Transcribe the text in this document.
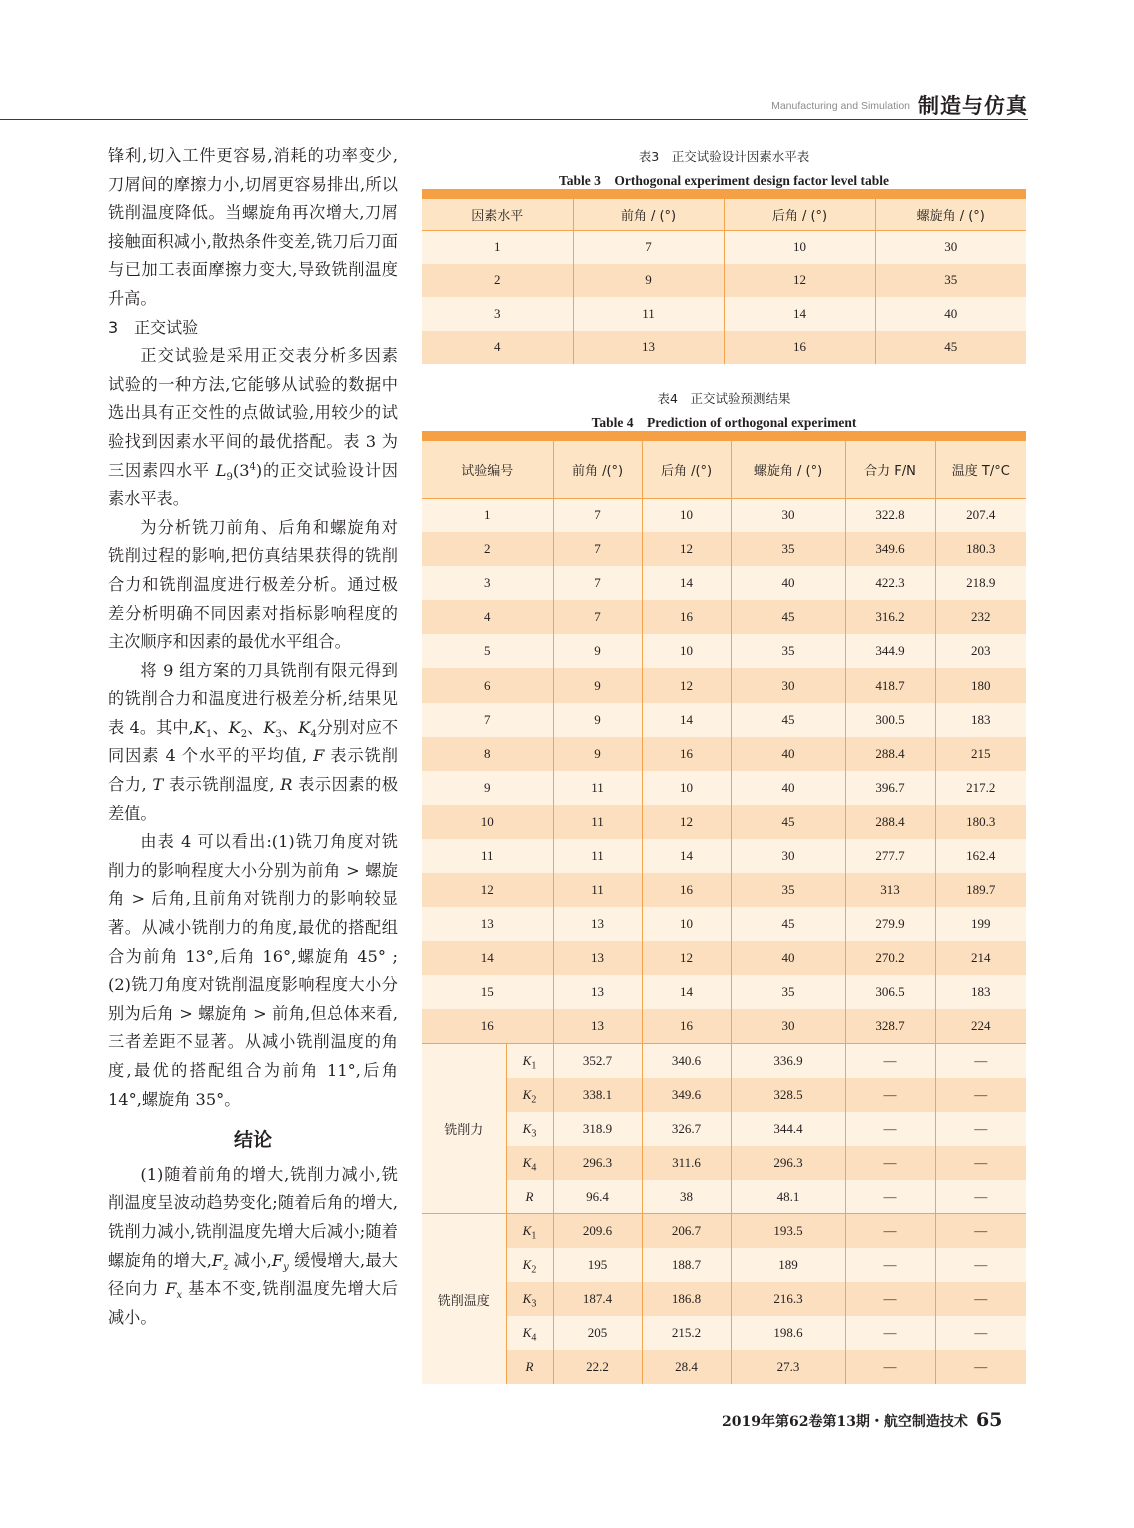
Manufacturing and Simulation 制造与仿真

锋利,切入工件更容易,消耗的功率变少,刀屑间的摩擦力小,切屑更容易排出,所以铣削温度降低。当螺旋角再次增大,刀屑接触面积减小,散热条件变差,铣刀后刀面与已加工表面摩擦力变大,导致铣削温度升高。

3　正交试验

正交试验是采用正交表分析多因素试验的一种方法,它能够从试验的数据中选出具有正交性的点做试验,用较少的试验找到因素水平间的最优搭配。表 3 为三因素四水平 $L_9(3^4)$的正交试验设计因素水平表。

为分析铣刀前角、后角和螺旋角对铣削过程的影响,把仿真结果获得的铣削合力和铣削温度进行极差分析。通过极差分析明确不同因素对指标影响程度的主次顺序和因素的最优水平组合。

将 9 组方案的刀具铣削有限元得到的铣削合力和温度进行极差分析,结果见表 4。其中$,K_1$、$K_2$、$K_3$、$K_4$分别对应不同因素 4 个水平的平均值, F 表示铣削合力, T 表示铣削温度, R 表示因素的极差值。

由表 4 可以看出:(1)铣刀角度对铣削力的影响程度大小分别为前角 > 螺旋角 > 后角,且前角对铣削力的影响较显著。从减小铣削力的角度,最优的搭配组合为前角 13°,后角 16°,螺旋角 45° ;(2)铣刀角度对铣削温度影响程度大小分别为后角 > 螺旋角 > 前角,但总体来看,三者差距不显著。从减小铣削温度的角度,最优的搭配组合为前角 11°,后角 14°,螺旋角 35°。

结论

(1)随着前角的增大,铣削力减小,铣削温度呈波动趋势变化;随着后角的增大,铣削力减小,铣削温度先增大后减小;随着螺旋角的增大$,F_z$ 减小$,F_y$ 缓慢增大,最大径向力 $F_x$ 基本不变,铣削温度先增大后减小。

表3　正交试验设计因素水平表
Table 3　Orthogonal experiment design factor level table
因素水平	前角 / (°)	后角 / (°)	螺旋角 / (°)
1	7	10	30
2	9	12	35
3	11	14	40
4	13	16	45
表4　正交试验预测结果
Table 4　Prediction of orthogonal experiment
试验编号		前角 /(°)	后角 /(°)	螺旋角 / (°)	合力 F/N	温度 T/°C
1		7	10	30	322.8	207.4
2		7	12	35	349.6	180.3
3		7	14	40	422.3	218.9
4		7	16	45	316.2	232
5		9	10	35	344.9	203
6		9	12	30	418.7	180
7		9	14	45	300.5	183
8		9	16	40	288.4	215
9		11	10	40	396.7	217.2
10		11	12	45	288.4	180.3
11		11	14	30	277.7	162.4
12		11	16	35	313	189.7
13		13	10	45	279.9	199
14		13	12	40	270.2	214
15		13	14	35	306.5	183
16		13	16	30	328.7	224
铣削力	$K_1$	352.7	340.6	336.9	—	—
	$K_2$	338.1	349.6	328.5	—	—
	$K_3$	318.9	326.7	344.4	—	—
	$K_4$	296.3	311.6	296.3	—	—
	R	96.4	38	48.1	—	—
铣削温度	$K_1$	209.6	206.7	193.5	—	—
	$K_2$	195	188.7	189	—	—
	$K_3$	187.4	186.8	216.3	—	—
	$K_4$	205	215.2	198.6	—	—
	R	22.2	28.4	27.3	—	—
2019年第62卷第13期・航空制造技术 65
